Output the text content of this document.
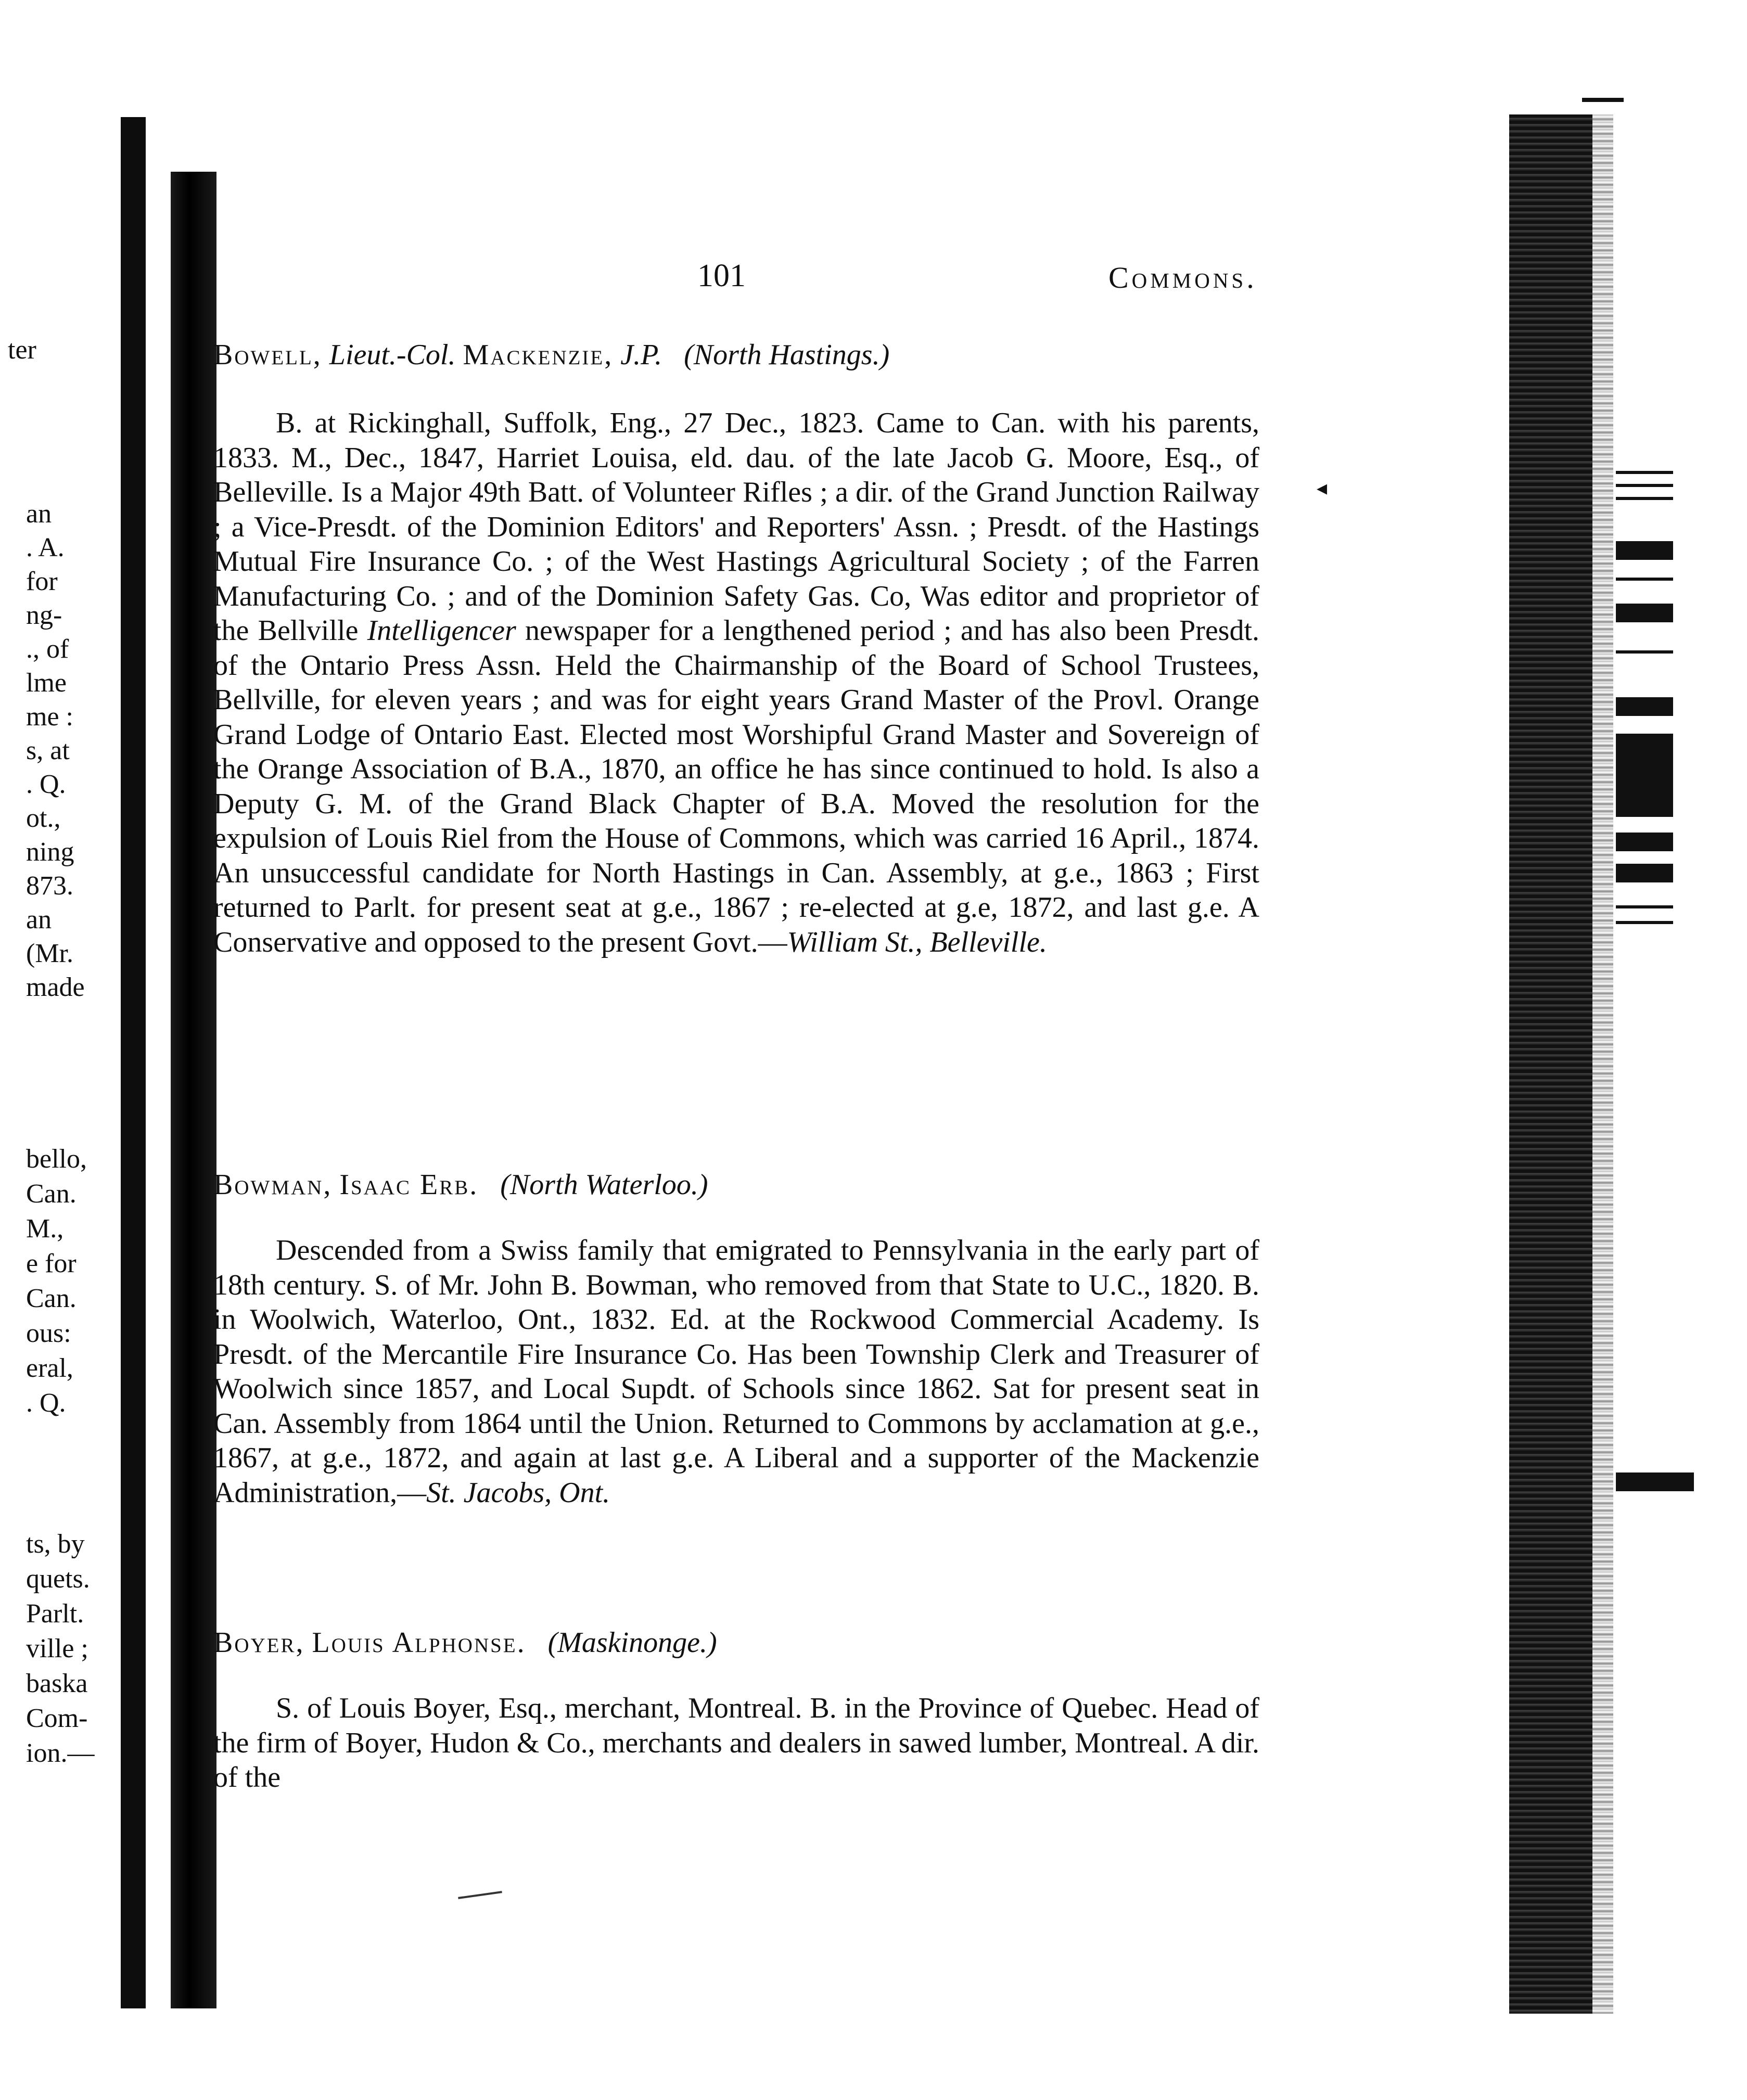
◂
ter
an
. A.
for
ng-
., of
lme
me :
s, at
. Q.
ot.,
ning
873.
an
(Mr.
made
bello,
Can.
M.,
e for
Can.
ous:
eral,
. Q.
ts, by
quets.
Parlt.
ville ;
baska
Com-
ion.—
101	Commons.
Bowell, Lieut.-Col. Mackenzie, J.P. (North Hastings.)
B. at Rickinghall, Suffolk, Eng., 27 Dec., 1823. Came to Can. with his parents, 1833. M., Dec., 1847, Harriet Louisa, eld. dau. of the late Jacob G. Moore, Esq., of Belleville. Is a Major 49th Batt. of Volunteer Rifles ; a dir. of the Grand Junction Railway ; a Vice-Presdt. of the Dominion Editors' and Reporters' Assn. ; Presdt. of the Hastings Mutual Fire Insurance Co. ; of the West Hastings Agricultural Society ; of the Farren Manufacturing Co. ; and of the Dominion Safety Gas. Co, Was editor and proprietor of the Bellville Intelligencer newspaper for a lengthened period ; and has also been Presdt. of the Ontario Press Assn. Held the Chairmanship of the Board of School Trustees, Bellville, for eleven years ; and was for eight years Grand Master of the Provl. Orange Grand Lodge of Ontario East. Elected most Worshipful Grand Master and Sovereign of the Orange Association of B.A., 1870, an office he has since continued to hold. Is also a Deputy G. M. of the Grand Black Chapter of B.A. Moved the resolution for the expulsion of Louis Riel from the House of Commons, which was carried 16 April., 1874. An unsuccessful candidate for North Hastings in Can. Assembly, at g.e., 1863 ; First returned to Parlt. for present seat at g.e., 1867 ; re-elected at g.e, 1872, and last g.e. A Conservative and opposed to the present Govt.—William St., Belleville.
Bowman, Isaac Erb. (North Waterloo.)
Descended from a Swiss family that emigrated to Pennsylvania in the early part of 18th century. S. of Mr. John B. Bowman, who removed from that State to U.C., 1820. B. in Woolwich, Waterloo, Ont., 1832. Ed. at the Rockwood Commercial Academy. Is Presdt. of the Mercantile Fire Insurance Co. Has been Township Clerk and Treasurer of Woolwich since 1857, and Local Supdt. of Schools since 1862. Sat for present seat in Can. Assembly from 1864 until the Union. Returned to Commons by acclamation at g.e., 1867, at g.e., 1872, and again at last g.e. A Liberal and a supporter of the Mackenzie Administration,—St. Jacobs, Ont.
Boyer, Louis Alphonse. (Maskinonge.)
S. of Louis Boyer, Esq., merchant, Montreal. B. in the Province of Quebec. Head of the firm of Boyer, Hudon & Co., merchants and dealers in sawed lumber, Montreal. A dir. of the
